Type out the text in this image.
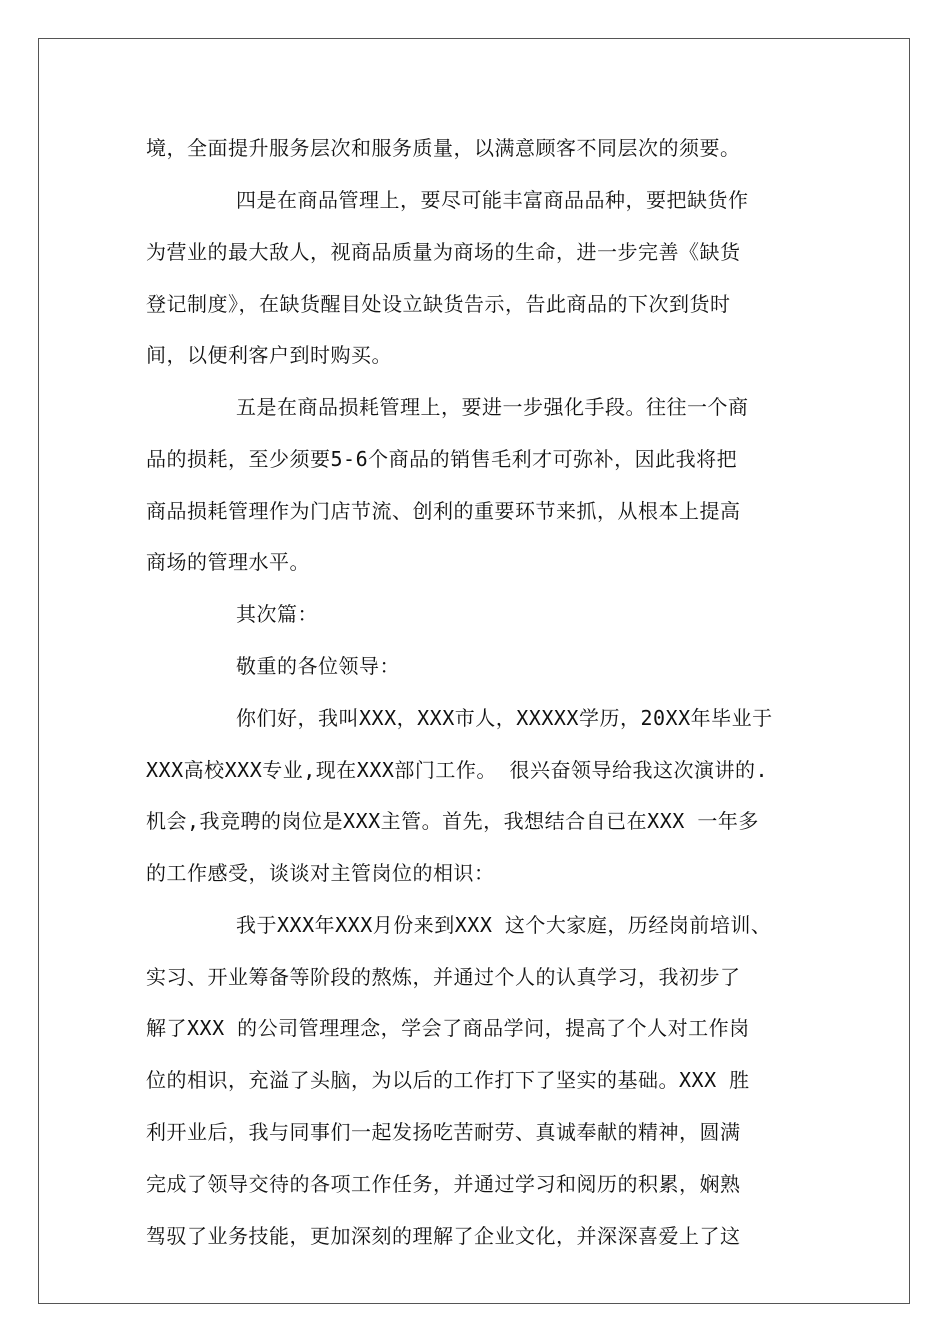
境，全面提升服务层次和服务质量，以满意顾客不同层次的须要。
四是在商品管理上，要尽可能丰富商品品种，要把缺货作
为营业的最大敌人，视商品质量为商场的生命，进一步完善《缺货
登记制度》，在缺货醒目处设立缺货告示，告此商品的下次到货时
间，以便利客户到时购买。
五是在商品损耗管理上，要进一步强化手段。往往一个商
品的损耗，至少须要5-6个商品的销售毛利才可弥补，因此我将把
商品损耗管理作为门店节流、创利的重要环节来抓，从根本上提高
商场的管理水平。
其次篇：
敬重的各位领导：
你们好，我叫XXX，XXX市人，XXXXX学历，20XX年毕业于
XXX高校XXX专业,现在XXX部门工作。 很兴奋领导给我这次演讲的.
机会,我竞聘的岗位是XXX主管。首先，我想结合自已在XXX 一年多
的工作感受，谈谈对主管岗位的相识：
我于XXX年XXX月份来到XXX 这个大家庭，历经岗前培训、
实习、开业筹备等阶段的熬炼，并通过个人的认真学习，我初步了
解了XXX 的公司管理理念，学会了商品学问，提高了个人对工作岗
位的相识，充溢了头脑，为以后的工作打下了坚实的基础。XXX 胜
利开业后，我与同事们一起发扬吃苦耐劳、真诚奉献的精神，圆满
完成了领导交待的各项工作任务，并通过学习和阅历的积累，娴熟
驾驭了业务技能，更加深刻的理解了企业文化，并深深喜爱上了这
